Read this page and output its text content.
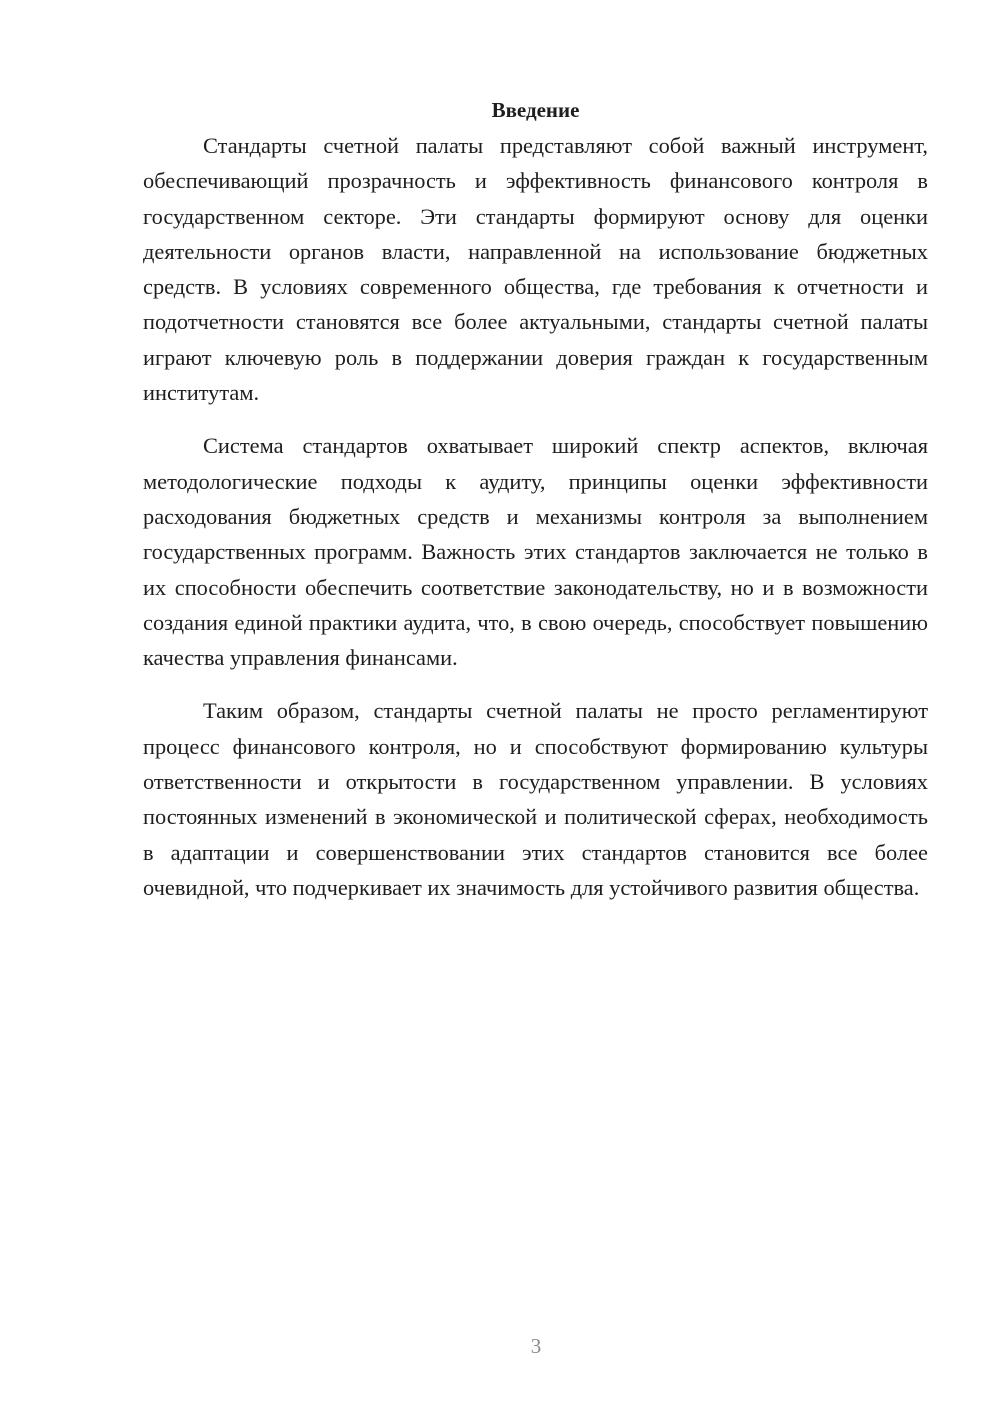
Введение

Стандарты счетной палаты представляют собой важный инструмент, обеспечивающий прозрачность и эффективность финансового контроля в государственном секторе. Эти стандарты формируют основу для оценки деятельности органов власти, направленной на использование бюджетных средств. В условиях современного общества, где требования к отчетности и подотчетности становятся все более актуальными, стандарты счетной палаты играют ключевую роль в поддержании доверия граждан к государственным институтам.

Система стандартов охватывает широкий спектр аспектов, включая методологические подходы к аудиту, принципы оценки эффективности расходования бюджетных средств и механизмы контроля за выполнением государственных программ. Важность этих стандартов заключается не только в их способности обеспечить соответствие законодательству, но и в возможности создания единой практики аудита, что, в свою очередь, способствует повышению качества управления финансами.

Таким образом, стандарты счетной палаты не просто регламентируют процесс финансового контроля, но и способствуют формированию культуры ответственности и открытости в государственном управлении. В условиях постоянных изменений в экономической и политической сферах, необходимость в адаптации и совершенствовании этих стандартов становится все более очевидной, что подчеркивает их значимость для устойчивого развития общества.

3
